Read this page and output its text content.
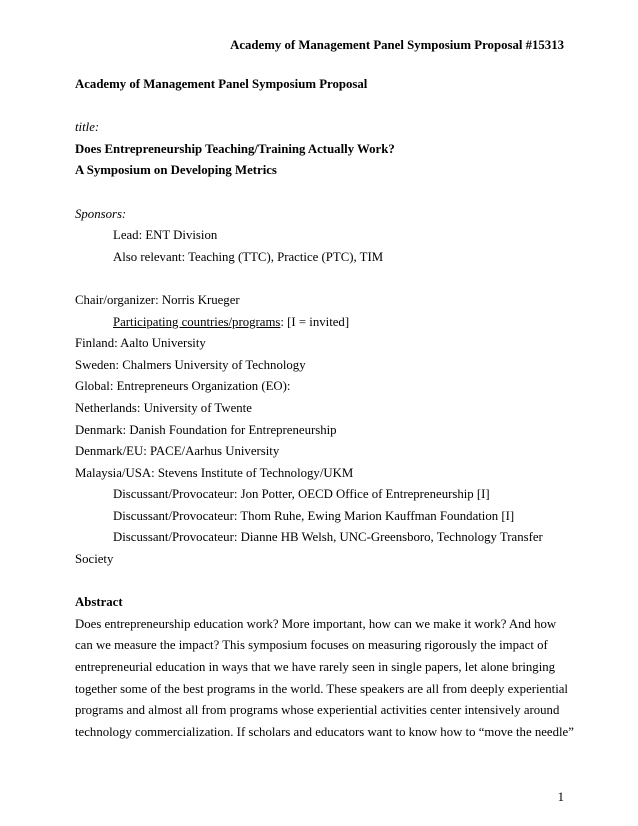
Academy of Management Panel Symposium Proposal #15313
Academy of Management Panel Symposium Proposal
title:
Does Entrepreneurship Teaching/Training Actually Work?
A Symposium on Developing Metrics
Sponsors:
Lead: ENT Division
Also relevant: Teaching (TTC), Practice (PTC), TIM
Chair/organizer: Norris Krueger
Participating countries/programs: [I = invited]
Finland: Aalto University
Sweden: Chalmers University of Technology
Global: Entrepreneurs Organization (EO):
Netherlands: University of Twente
Denmark: Danish Foundation for Entrepreneurship
Denmark/EU: PACE/Aarhus University
Malaysia/USA: Stevens Institute of Technology/UKM
Discussant/Provocateur: Jon Potter, OECD Office of Entrepreneurship [I]
Discussant/Provocateur: Thom Ruhe, Ewing Marion Kauffman Foundation [I]
Discussant/Provocateur: Dianne HB Welsh, UNC-Greensboro, Technology Transfer
Society
Abstract
Does entrepreneurship education work? More important, how can we make it work? And how
can we measure the impact? This symposium focuses on measuring rigorously the impact of
entrepreneurial education in ways that we have rarely seen in single papers, let alone bringing
together some of the best programs in the world. These speakers are all from deeply experiential
programs and almost all from programs whose experiential activities center intensively around
technology commercialization. If scholars and educators want to know how to “move the needle”
1
